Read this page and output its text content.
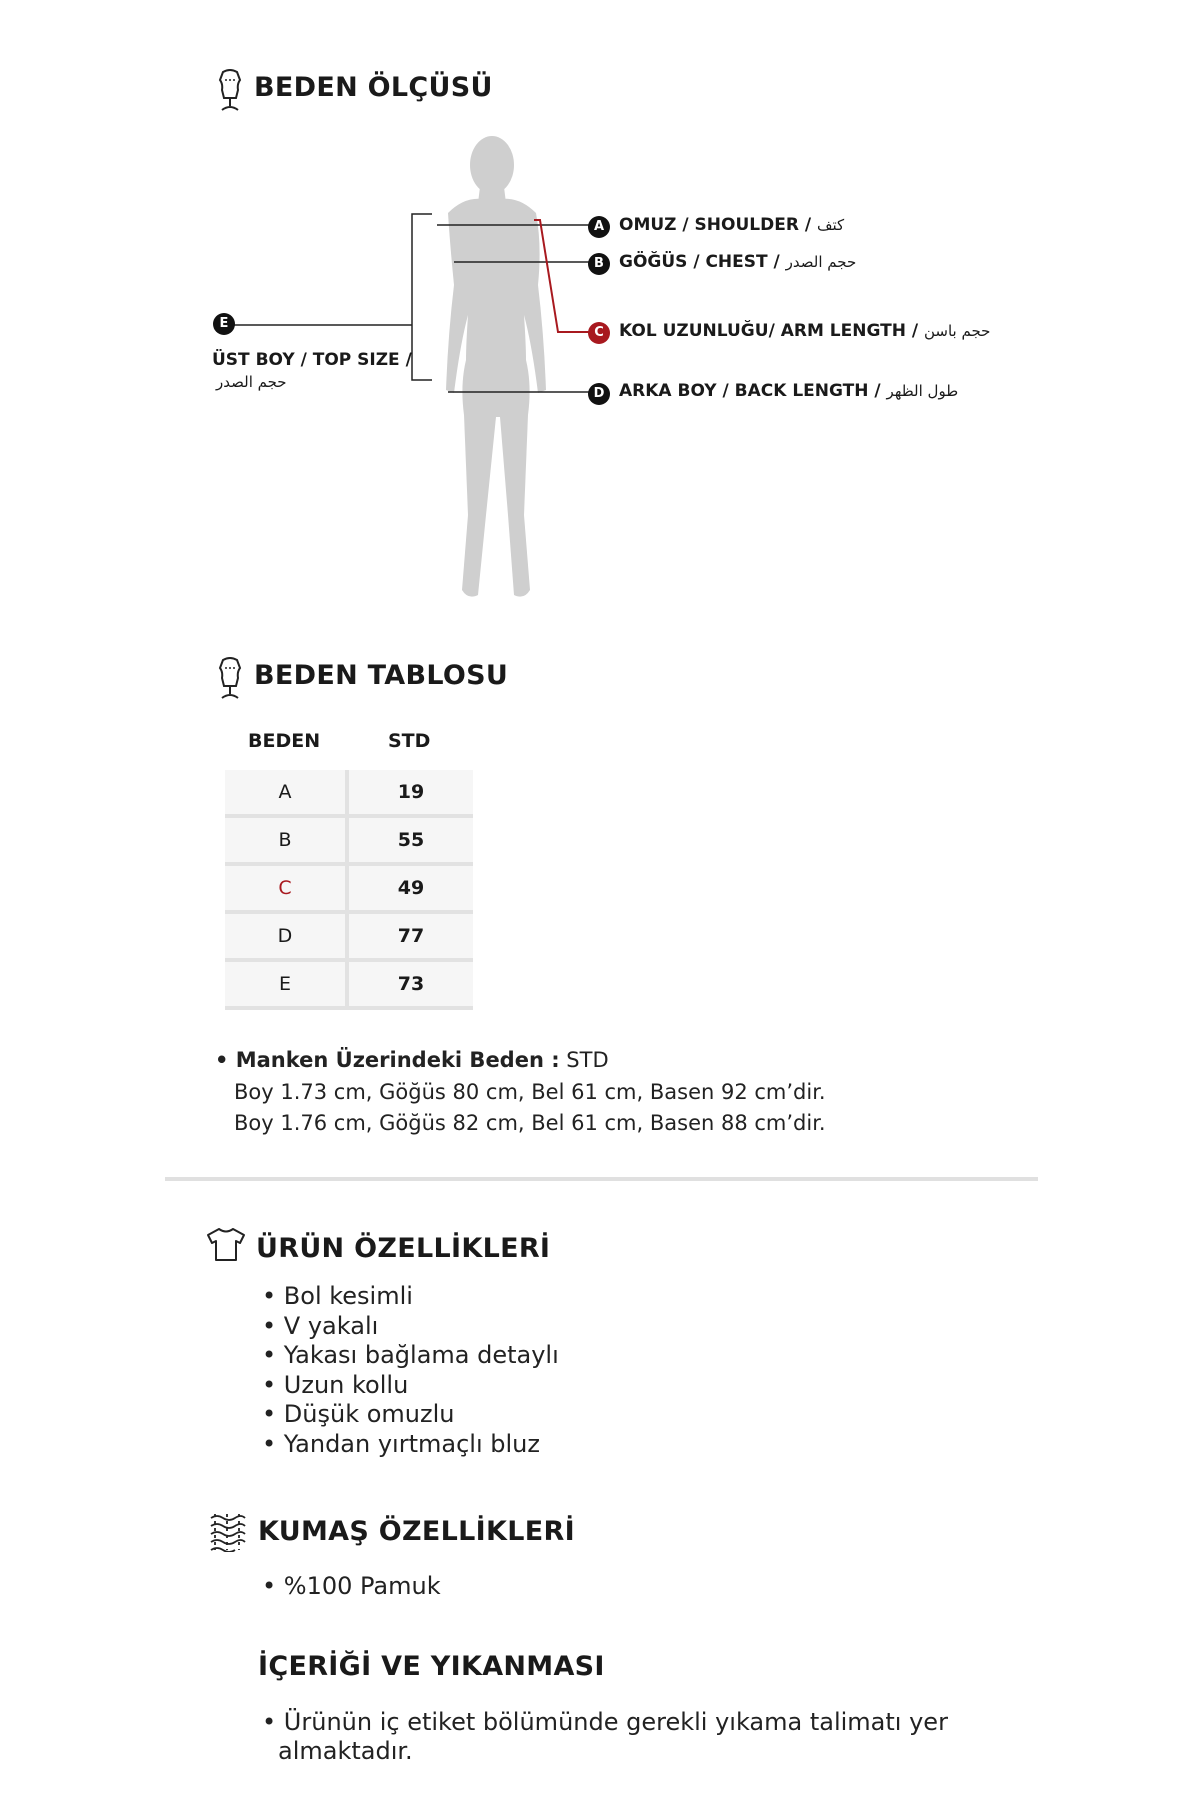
BEDEN ÖLÇÜSÜ
A OMUZ / SHOULDER / كتف
B GÖĞÜS / CHEST / حجم الصدر
C KOL UZUNLUĞU/ ARM LENGTH / حجم باسن
D ARKA BOY / BACK LENGTH / طول الظهر
E
ÜST BOY / TOP SIZE /
حجم الصدر
BEDEN TABLOSU
BEDEN	STD
A	19
B	55
C	49
D	77
E	73
• Manken Üzerindeki Beden : STD
Boy 1.73 cm, Göğüs 80 cm, Bel 61 cm, Basen 92 cm’dir.
Boy 1.76 cm, Göğüs 82 cm, Bel 61 cm, Basen 88 cm’dir.
ÜRÜN ÖZELLİKLERİ
• Bol kesimli
• V yakalı
• Yakası bağlama detaylı
• Uzun kollu
• Düşük omuzlu
• Yandan yırtmaçlı bluz
KUMAŞ ÖZELLİKLERİ
• %100 Pamuk
İÇERİĞİ VE YIKANMASI
• Ürünün iç etiket bölümünde gerekli yıkama talimatı yer
almaktadır.
